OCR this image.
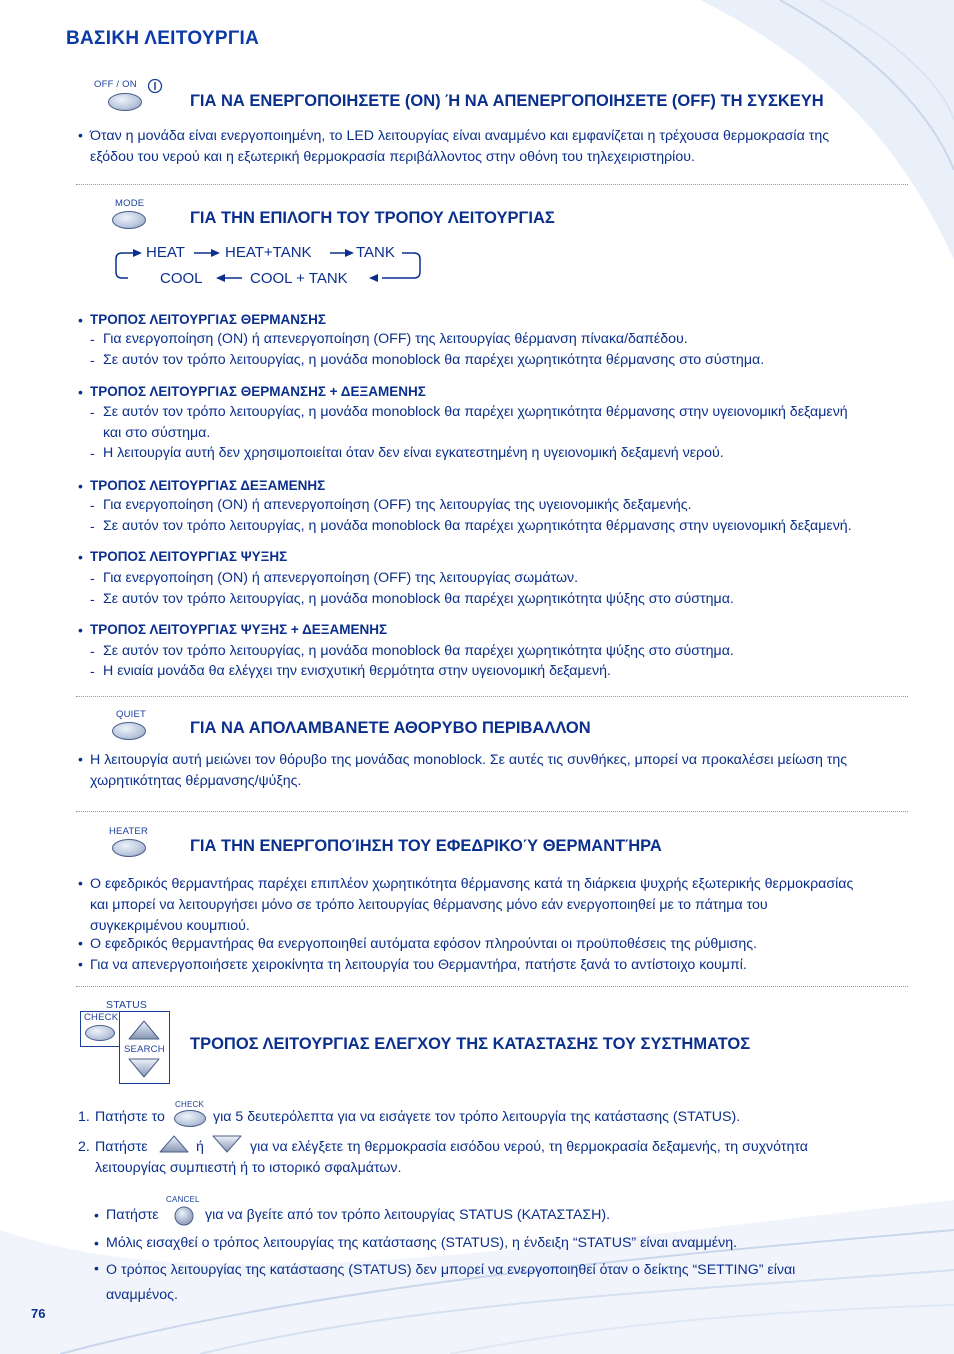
ΒΑΣΙΚΗ ΛΕΙΤΟΥΡΓΙΑ
OFF / ON
ΓΙΑ ΝΑ ΕΝΕΡΓΟΠΟΙΗΣΕΤΕ (ON) Ή ΝΑ ΑΠΕΝΕΡΓΟΠΟΙΗΣΕΤΕ (OFF) ΤΗ ΣΥΣΚΕΥΗ
• Όταν η μονάδα είναι ενεργοποιημένη, το LED λειτουργίας είναι αναμμένο και εμφανίζεται η τρέχουσα θερμοκρασία της
εξόδου του νερού και η εξωτερική θερμοκρασία περιβάλλοντος στην οθόνη του τηλεχειριστηρίου.
MODE
ΓΙΑ ΤΗΝ ΕΠΙΛΟΓΗ ΤΟΥ ΤΡΟΠΟΥ ΛΕΙΤΟΥΡΓΙΑΣ
HEAT	HEAT+TANK	TANK
COOL	COOL + TANK
• ΤΡΟΠΟΣ ΛΕΙΤΟΥΡΓΙΑΣ ΘΕΡΜΑΝΣΗΣ
- Για ενεργοποίηση (ON) ή απενεργοποίηση (OFF) της λειτουργίας θέρμανση πίνακα/δαπέδου.
- Σε αυτόν τον τρόπο λειτουργίας, η μονάδα monoblock θα παρέχει χωρητικότητα θέρμανσης στο σύστημα.
• ΤΡΟΠΟΣ ΛΕΙΤΟΥΡΓΙΑΣ ΘΕΡΜΑΝΣΗΣ + ΔΕΞΑΜΕΝΗΣ
- Σε αυτόν τον τρόπο λειτουργίας, η μονάδα monoblock θα παρέχει χωρητικότητα θέρμανσης στην υγειονομική δεξαμενή
και στο σύστημα.
- Η λειτουργία αυτή δεν χρησιμοποιείται όταν δεν είναι εγκατεστημένη η υγειονομική δεξαμενή νερού.
• ΤΡΟΠΟΣ ΛΕΙΤΟΥΡΓΙΑΣ ΔΕΞΑΜΕΝΗΣ
- Για ενεργοποίηση (ON) ή απενεργοποίηση (OFF) της λειτουργίας της υγειονομικής δεξαμενής.
- Σε αυτόν τον τρόπο λειτουργίας, η μονάδα monoblock θα παρέχει χωρητικότητα θέρμανσης στην υγειονομική δεξαμενή.
• ΤΡΟΠΟΣ ΛΕΙΤΟΥΡΓΙΑΣ ΨΥΞΗΣ
- Για ενεργοποίηση (ON) ή απενεργοποίηση (OFF) της λειτουργίας σωμάτων.
- Σε αυτόν τον τρόπο λειτουργίας, η μονάδα monoblock θα παρέχει χωρητικότητα ψύξης στο σύστημα.
• ΤΡΟΠΟΣ ΛΕΙΤΟΥΡΓΙΑΣ ΨΥΞΗΣ + ΔΕΞΑΜΕΝΗΣ
- Σε αυτόν τον τρόπο λειτουργίας, η μονάδα monoblock θα παρέχει χωρητικότητα ψύξης στο σύστημα.
- Η ενιαία μονάδα θα ελέγχει την ενισχυτική θερμότητα στην υγειονομική δεξαμενή.
QUIET
ΓΙΑ ΝΑ ΑΠΟΛΑΜΒΑΝΕΤΕ ΑΘΟΡΥΒΟ ΠΕΡΙΒΑΛΛΟΝ
• Η λειτουργία αυτή μειώνει τον θόρυβο της μονάδας monoblock. Σε αυτές τις συνθήκες, μπορεί να προκαλέσει μείωση της
χωρητικότητας θέρμανσης/ψύξης.
HEATER
ΓΙΑ ΤΗΝ ΕΝΕΡΓΟΠΟΊΗΣΗ ΤΟΥ ΕΦΕΔΡΙΚΟΎ ΘΕΡΜΑΝΤΉΡΑ
• Ο εφεδρικός θερμαντήρας παρέχει επιπλέον χωρητικότητα θέρμανσης κατά τη διάρκεια ψυχρής εξωτερικής θερμοκρασίας
και μπορεί να λειτουργήσει μόνο σε τρόπο λειτουργίας θέρμανσης μόνο εάν ενεργοποιηθεί με το πάτημα του
συγκεκριμένου κουμπιού.
• Ο εφεδρικός θερμαντήρας θα ενεργοποιηθεί αυτόματα εφόσον πληρούνται οι προϋποθέσεις της ρύθμισης.
• Για να απενεργοποιήσετε χειροκίνητα τη λειτουργία του Θερμαντήρα, πατήστε ξανά το αντίστοιχο κουμπί.
STATUS
CHECK
SEARCH ΤΡΟΠΟΣ ΛΕΙΤΟΥΡΓΙΑΣ ΕΛΕΓΧΟΥ ΤΗΣ ΚΑΤΑΣΤΑΣΗΣ ΤΟΥ ΣΥΣΤΗΜΑΤΟΣ
1. Πατήστε το
CHECK
για 5 δευτερόλεπτα για να εισάγετε τον τρόπο λειτουργία της κατάστασης (STATUS).
2. Πατήστε	ή	για να ελέγξετε τη θερμοκρασία εισόδου νερού, τη θερμοκρασία δεξαμενής, τη συχνότητα
λειτουργίας συμπιεστή ή το ιστορικό σφαλμάτων.
• Πατήστε
CANCEL
για να βγείτε από τον τρόπο λειτουργίας STATUS (ΚΑΤΑΣΤΑΣΗ).
• Μόλις εισαχθεί ο τρόπος λειτουργίας της κατάστασης (STATUS), η ένδειξη “STATUS” είναι αναμμένη.
• Ο τρόπος λειτουργίας της κατάστασης (STATUS) δεν μπορεί να ενεργοποιηθεί όταν ο δείκτης “SETTING” είναι
αναμμένος.
76
